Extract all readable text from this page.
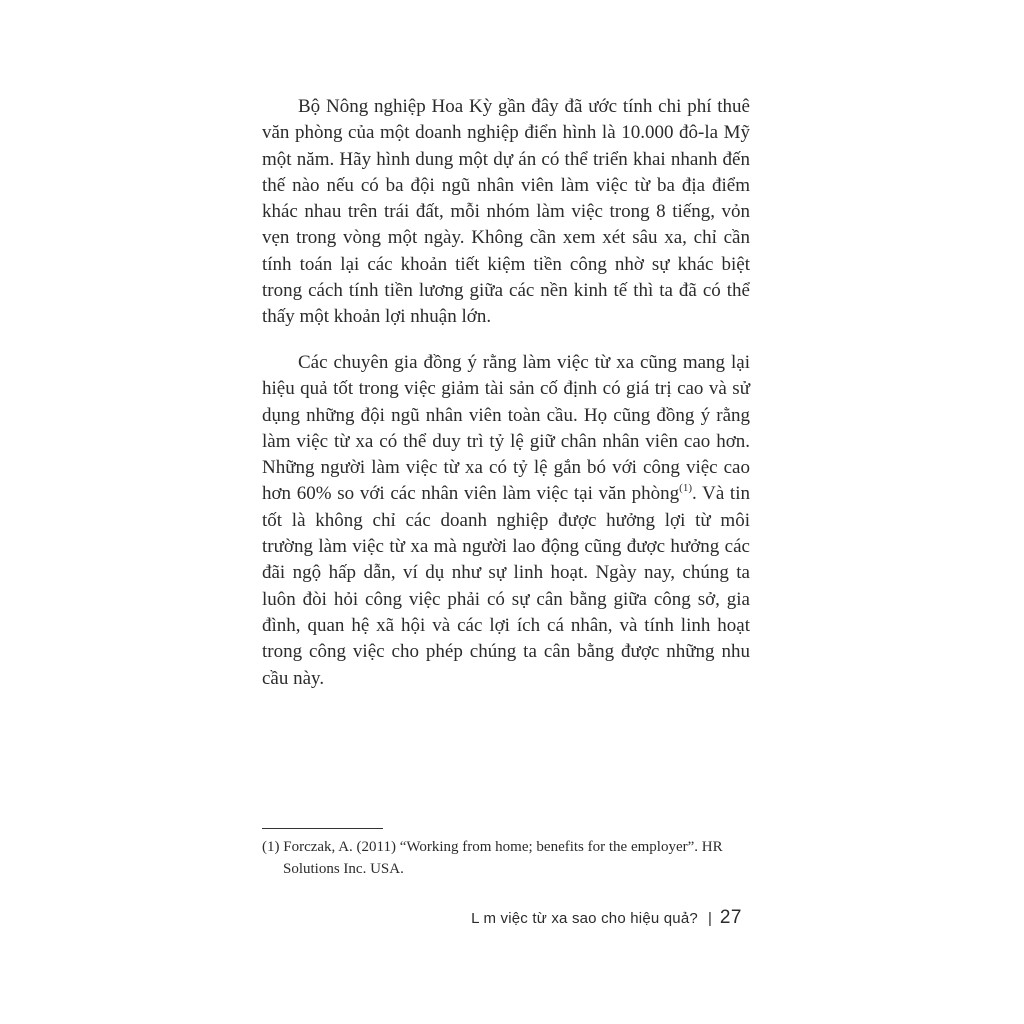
Bộ Nông nghiệp Hoa Kỳ gần đây đã ước tính chi phí thuê văn phòng của một doanh nghiệp điển hình là 10.000 đô-la Mỹ một năm. Hãy hình dung một dự án có thể triển khai nhanh đến thế nào nếu có ba đội ngũ nhân viên làm việc từ ba địa điểm khác nhau trên trái đất, mỗi nhóm làm việc trong 8 tiếng, vỏn vẹn trong vòng một ngày. Không cần xem xét sâu xa, chỉ cần tính toán lại các khoản tiết kiệm tiền công nhờ sự khác biệt trong cách tính tiền lương giữa các nền kinh tế thì ta đã có thể thấy một khoản lợi nhuận lớn.

Các chuyên gia đồng ý rằng làm việc từ xa cũng mang lại hiệu quả tốt trong việc giảm tài sản cố định có giá trị cao và sử dụng những đội ngũ nhân viên toàn cầu. Họ cũng đồng ý rằng làm việc từ xa có thể duy trì tỷ lệ giữ chân nhân viên cao hơn. Những người làm việc từ xa có tỷ lệ gắn bó với công việc cao hơn 60% so với các nhân viên làm việc tại văn phòng$^{(1)}$. Và tin tốt là không chỉ các doanh nghiệp được hưởng lợi từ môi trường làm việc từ xa mà người lao động cũng được hưởng các đãi ngộ hấp dẫn, ví dụ như sự linh hoạt. Ngày nay, chúng ta luôn đòi hỏi công việc phải có sự cân bằng giữa công sở, gia đình, quan hệ xã hội và các lợi ích cá nhân, và tính linh hoạt trong công việc cho phép chúng ta cân bằng được những nhu cầu này.

(1) Forczak, A. (2011) “Working from home; benefits for the employer”. HR Solutions Inc. USA.

L m việc từ xa sao cho hiệu quả? | 27
